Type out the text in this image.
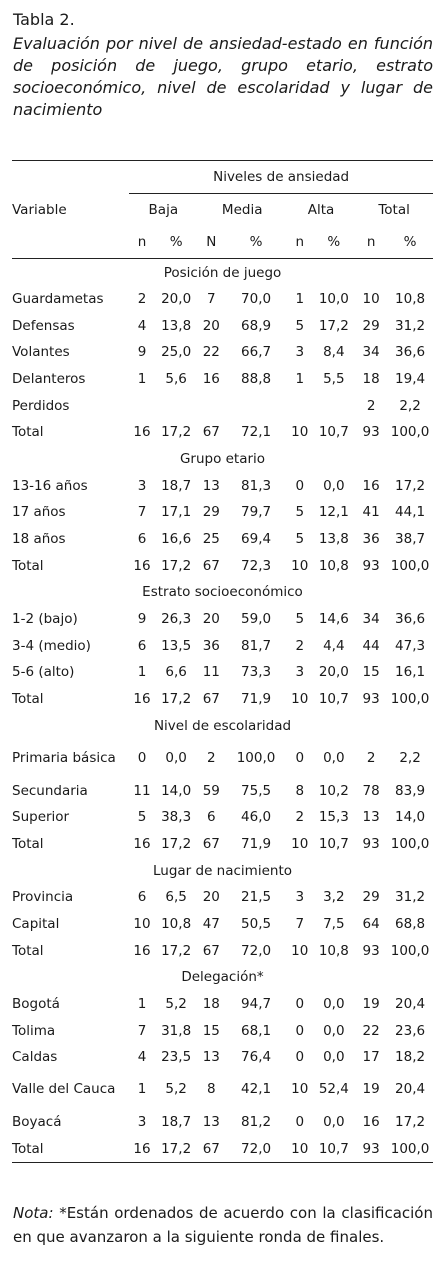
Tabla 2.
Evaluación por nivel de ansiedad-estado en función de posición de juego, grupo etario, estrato socioeconómico, nivel de escolaridad y lugar de nacimiento
Variable	Niveles de ansiedad							
	Baja		Media		Alta		Total	
	n	%	N	%	n	%	n	%
Posición de juego								
Guardametas	2	20,0	7	70,0	1	10,0	10	10,8
Defensas	4	13,8	20	68,9	5	17,2	29	31,2
Volantes	9	25,0	22	66,7	3	8,4	34	36,6
Delanteros	1	5,6	16	88,8	1	5,5	18	19,4
Perdidos							2	2,2
Total	16	17,2	67	72,1	10	10,7	93	100,0
Grupo etario								
13-16 años	3	18,7	13	81,3	0	0,0	16	17,2
17 años	7	17,1	29	79,7	5	12,1	41	44,1
18 años	6	16,6	25	69,4	5	13,8	36	38,7
Total	16	17,2	67	72,3	10	10,8	93	100,0
Estrato socioeconómico								
1-2 (bajo)	9	26,3	20	59,0	5	14,6	34	36,6
3-4 (medio)	6	13,5	36	81,7	2	4,4	44	47,3
5-6 (alto)	1	6,6	11	73,3	3	20,0	15	16,1
Total	16	17,2	67	71,9	10	10,7	93	100,0
Nivel de escolaridad								
Primaria básica	0	0,0	2	100,0	0	0,0	2	2,2
Secundaria	11	14,0	59	75,5	8	10,2	78	83,9
Superior	5	38,3	6	46,0	2	15,3	13	14,0
Total	16	17,2	67	71,9	10	10,7	93	100,0
Lugar de nacimiento								
Provincia	6	6,5	20	21,5	3	3,2	29	31,2
Capital	10	10,8	47	50,5	7	7,5	64	68,8
Total	16	17,2	67	72,0	10	10,8	93	100,0
Delegación*								
Bogotá	1	5,2	18	94,7	0	0,0	19	20,4
Tolima	7	31,8	15	68,1	0	0,0	22	23,6
Caldas	4	23,5	13	76,4	0	0,0	17	18,2
Valle del Cauca	1	5,2	8	42,1	10	52,4	19	20,4
Boyacá	3	18,7	13	81,2	0	0,0	16	17,2
Total	16	17,2	67	72,0	10	10,7	93	100,0
Nota: *Están ordenados de acuerdo con la clasificación en que avanzaron a la siguiente ronda de finales.
